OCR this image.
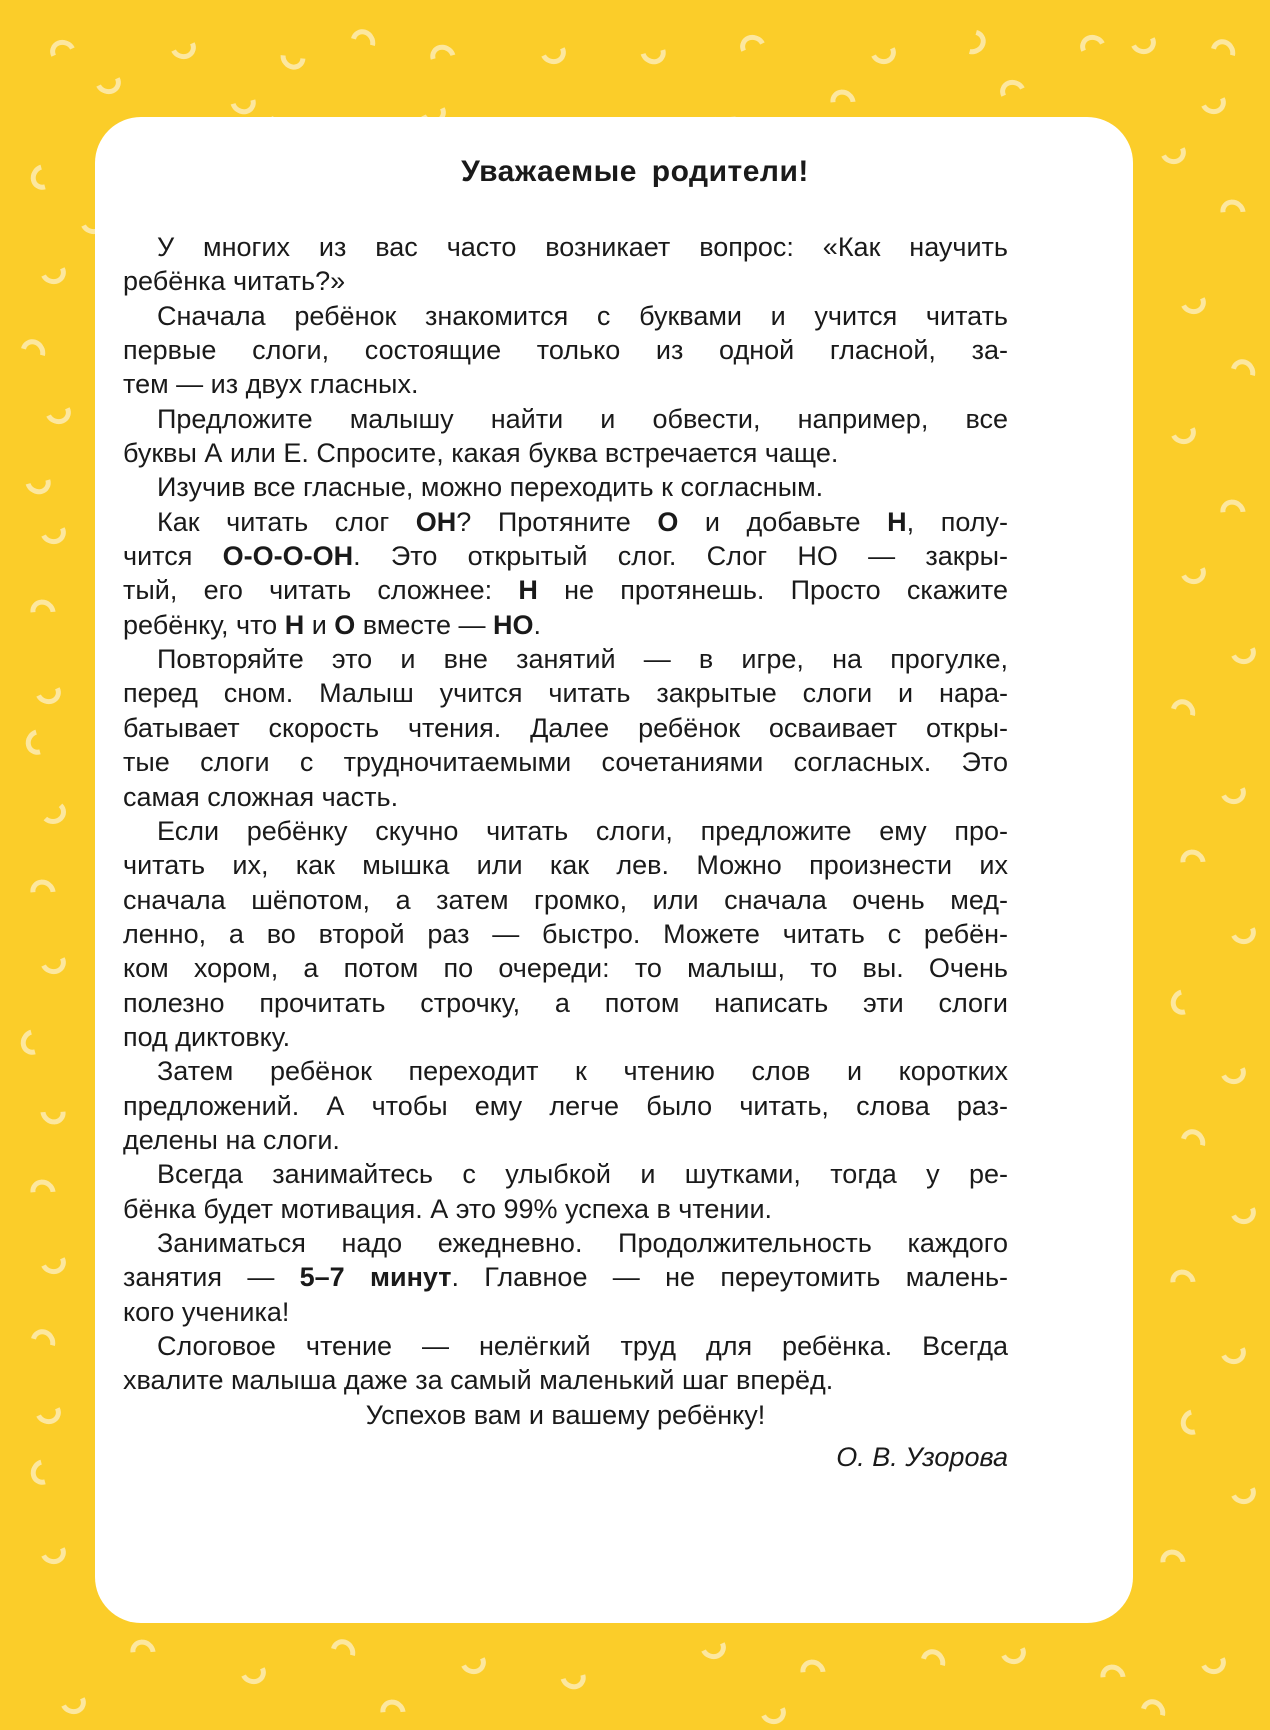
Уважаемые родители!
У многих из вас часто возникает вопрос: «Как научить
ребёнка читать?»
Сначала ребёнок знакомится с буквами и учится читать
первые слоги, состоящие только из одной гласной, за-
тем — из двух гласных.
Предложите малышу найти и обвести, например, все
буквы А или Е. Спросите, какая буква встречается чаще.
Изучив все гласные, можно переходить к согласным.
Как читать слог ОН? Протяните О и добавьте Н, полу-
чится О-О-О-ОН. Это открытый слог. Слог НО — закры-
тый, его читать сложнее: Н не протянешь. Просто скажите
ребёнку, что Н и О вместе — НО.
Повторяйте это и вне занятий — в игре, на прогулке,
перед сном. Малыш учится читать закрытые слоги и нара-
батывает скорость чтения. Далее ребёнок осваивает откры-
тые слоги с трудночитаемыми сочетаниями согласных. Это
самая сложная часть.
Если ребёнку скучно читать слоги, предложите ему про-
читать их, как мышка или как лев. Можно произнести их
сначала шёпотом, а затем громко, или сначала очень мед-
ленно, а во второй раз — быстро. Можете читать с ребён-
ком хором, а потом по очереди: то малыш, то вы. Очень
полезно прочитать строчку, а потом написать эти слоги
под диктовку.
Затем ребёнок переходит к чтению слов и коротких
предложений. А чтобы ему легче было читать, слова раз-
делены на слоги.
Всегда занимайтесь с улыбкой и шутками, тогда у ре-
бёнка будет мотивация. А это 99% успеха в чтении.
Заниматься надо ежедневно. Продолжительность каждого
занятия — 5–7 минут. Главное — не переутомить малень-
кого ученика!
Слоговое чтение — нелёгкий труд для ребёнка. Всегда
хвалите малыша даже за самый маленький шаг вперёд.
Успехов вам и вашему ребёнку!
О. В. Узорова
